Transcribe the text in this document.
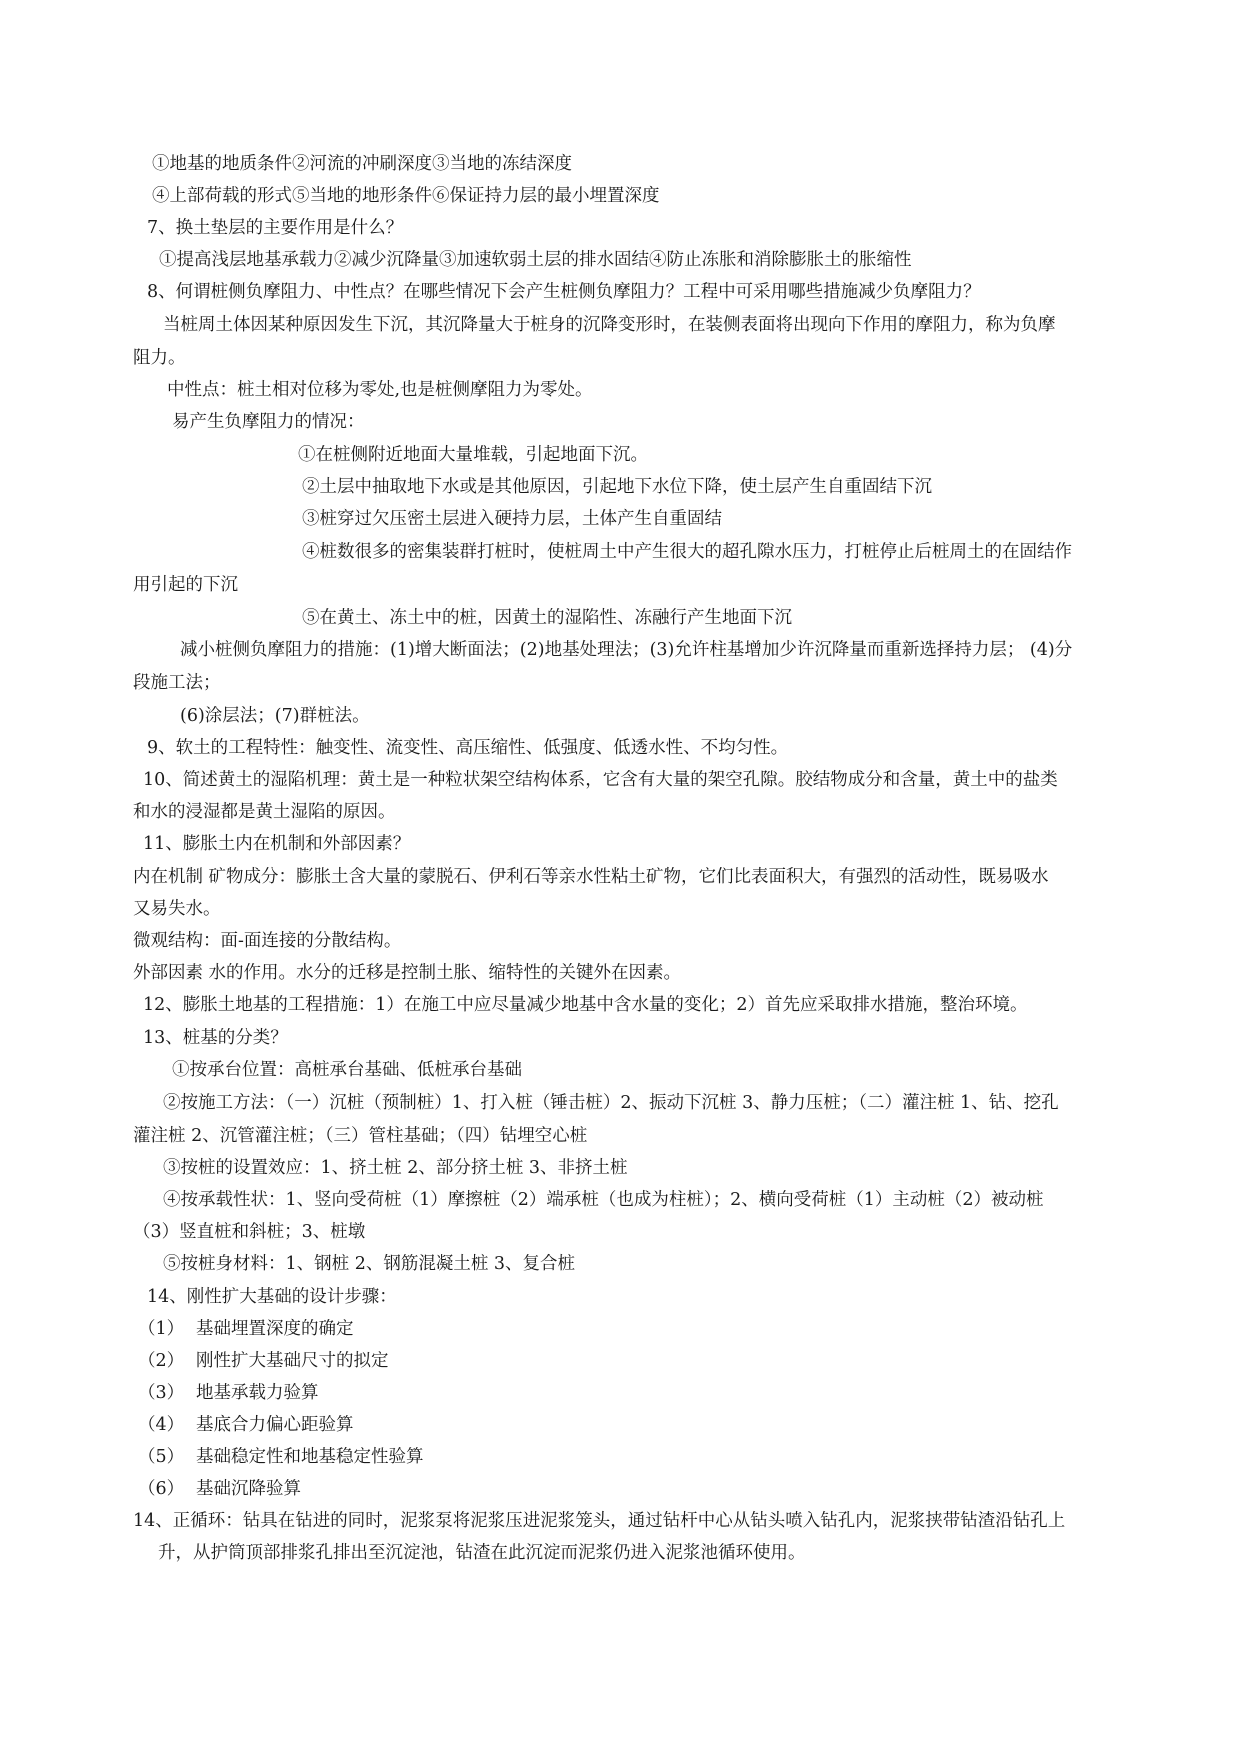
①地基的地质条件②河流的冲刷深度③当地的冻结深度
④上部荷载的形式⑤当地的地形条件⑥保证持力层的最小埋置深度
7、换土垫层的主要作用是什么？
①提高浅层地基承载力②减少沉降量③加速软弱土层的排水固结④防止冻胀和消除膨胀土的胀缩性
8、何谓桩侧负摩阻力、中性点？在哪些情况下会产生桩侧负摩阻力？工程中可采用哪些措施减少负摩阻力？
当桩周土体因某种原因发生下沉，其沉降量大于桩身的沉降变形时，在装侧表面将出现向下作用的摩阻力，称为负摩
阻力。
中性点：桩土相对位移为零处,也是桩侧摩阻力为零处。
易产生负摩阻力的情况：
①在桩侧附近地面大量堆载，引起地面下沉。
②土层中抽取地下水或是其他原因，引起地下水位下降，使土层产生自重固结下沉
③桩穿过欠压密土层进入硬持力层，土体产生自重固结
④桩数很多的密集装群打桩时，使桩周土中产生很大的超孔隙水压力，打桩停止后桩周土的在固结作
用引起的下沉
⑤在黄土、冻土中的桩，因黄土的湿陷性、冻融行产生地面下沉
减小桩侧负摩阻力的措施：(1)增大断面法；(2)地基处理法；(3)允许柱基增加少许沉降量而重新选择持力层； (4)分
段施工法；
(6)涂层法；(7)群桩法。
9、软土的工程特性：触变性、流变性、高压缩性、低强度、低透水性、不均匀性。
10、简述黄土的湿陷机理：黄土是一种粒状架空结构体系，它含有大量的架空孔隙。胶结物成分和含量，黄土中的盐类
和水的浸湿都是黄土湿陷的原因。
11、膨胀土内在机制和外部因素？
内在机制 矿物成分：膨胀土含大量的蒙脱石、伊利石等亲水性粘土矿物，它们比表面积大，有强烈的活动性，既易吸水
又易失水。
微观结构：面-面连接的分散结构。
外部因素 水的作用。水分的迁移是控制土胀、缩特性的关键外在因素。
12、膨胀土地基的工程措施：1）在施工中应尽量减少地基中含水量的变化；2）首先应采取排水措施，整治环境。
13、桩基的分类？
①按承台位置：高桩承台基础、低桩承台基础
②按施工方法：（一）沉桩（预制桩）1、打入桩（锤击桩）2、振动下沉桩 3、静力压桩；（二）灌注桩 1、钻、挖孔
灌注桩 2、沉管灌注桩；（三）管柱基础；（四）钻埋空心桩
③按桩的设置效应：1、挤土桩 2、部分挤土桩 3、非挤土桩
④按承载性状：1、竖向受荷桩（1）摩擦桩（2）端承桩（也成为柱桩）；2、横向受荷桩（1）主动桩（2）被动桩
（3）竖直桩和斜桩；3、桩墩
⑤按桩身材料：1、钢桩 2、钢筋混凝土桩 3、复合桩
14、刚性扩大基础的设计步骤：
（1） 基础埋置深度的确定
（2） 刚性扩大基础尺寸的拟定
（3） 地基承载力验算
（4） 基底合力偏心距验算
（5） 基础稳定性和地基稳定性验算
（6） 基础沉降验算
14、正循环：钻具在钻进的同时，泥浆泵将泥浆压进泥浆笼头，通过钻杆中心从钻头喷入钻孔内，泥浆挟带钻渣沿钻孔上
升，从护筒顶部排浆孔排出至沉淀池，钻渣在此沉淀而泥浆仍进入泥浆池循环使用。
